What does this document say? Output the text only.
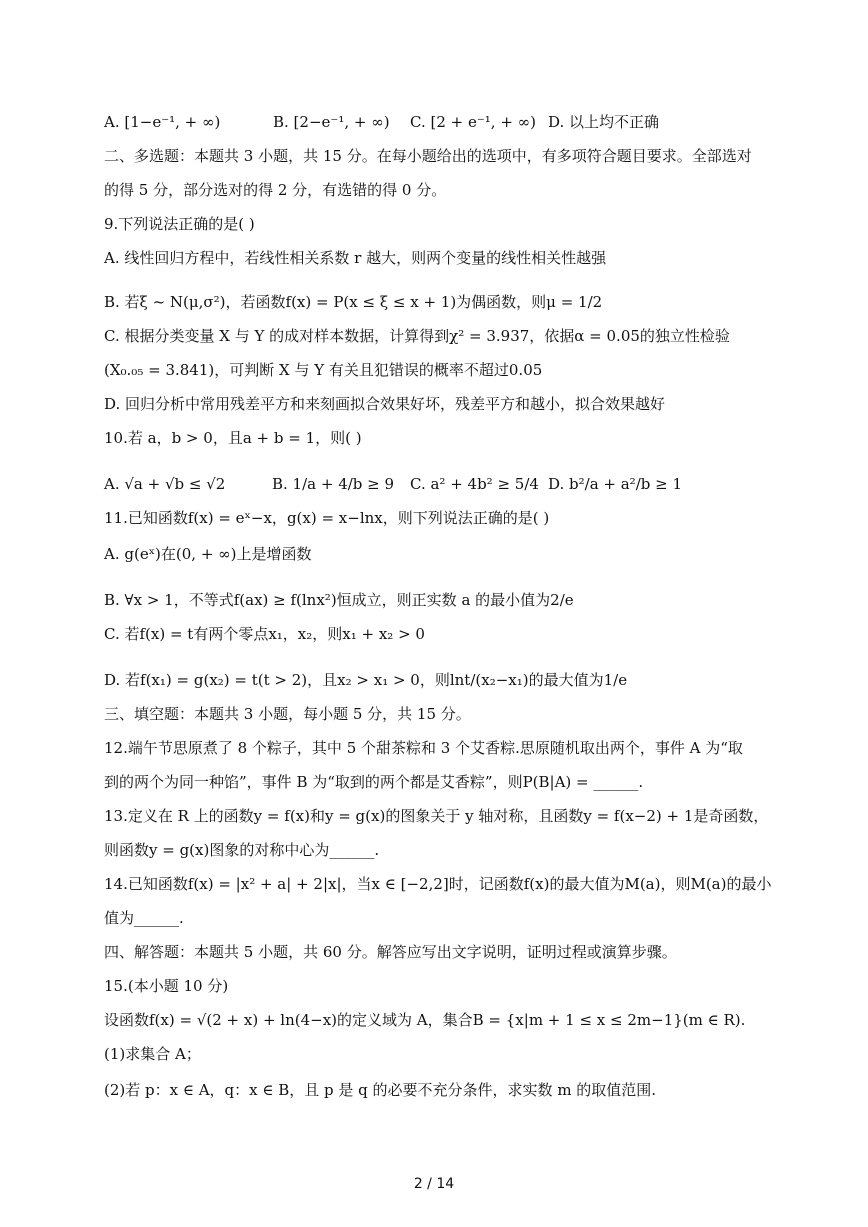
A. [1−e⁻¹, + ∞)	B. [2−e⁻¹, + ∞) C. [2 + e⁻¹, + ∞) D. 以上均不正确
二、多选题：本题共 3 小题，共 15 分。在每小题给出的选项中，有多项符合题目要求。全部选对
的得 5 分，部分选对的得 2 分，有选错的得 0 分。
9.下列说法正确的是( )
A. 线性回归方程中，若线性相关系数 r 越大，则两个变量的线性相关性越强
B. 若ξ ~ N(μ,σ²)，若函数f(x) = P(x ≤ ξ ≤ x + 1)为偶函数，则μ = 1/2
C. 根据分类变量 X 与 Y 的成对样本数据，计算得到χ² = 3.937，依据α = 0.05的独立性检验
(X₀.₀₅ = 3.841)，可判断 X 与 Y 有关且犯错误的概率不超过0.05
D. 回归分析中常用残差平方和来刻画拟合效果好坏，残差平方和越小，拟合效果越好
10.若 a，b > 0，且a + b = 1，则( )
A. √a + √b ≤ √2	B. 1/a + 4/b ≥ 9 C. a² + 4b² ≥ 5/4 D. b²/a + a²/b ≥ 1
11.已知函数f(x) = eˣ−x，g(x) = x−lnx，则下列说法正确的是( )
A. g(eˣ)在(0, + ∞)上是增函数
B. ∀x > 1，不等式f(ax) ≥ f(lnx²)恒成立，则正实数 a 的最小值为2/e
C. 若f(x) = t有两个零点x₁，x₂，则x₁ + x₂ > 0
D. 若f(x₁) = g(x₂) = t(t > 2)，且x₂ > x₁ > 0，则lnt/(x₂−x₁)的最大值为1/e
三、填空题：本题共 3 小题，每小题 5 分，共 15 分。
12.端午节思原煮了 8 个粽子，其中 5 个甜茶粽和 3 个艾香粽.思原随机取出两个，事件 A 为“取
到的两个为同一种馅”，事件 B 为“取到的两个都是艾香粽”，则P(B|A) = ______.
13.定义在 R 上的函数y = f(x)和y = g(x)的图象关于 y 轴对称，且函数y = f(x−2) + 1是奇函数，
则函数y = g(x)图象的对称中心为______.
14.已知函数f(x) = |x² + a| + 2|x|，当x ∈ [−2,2]时，记函数f(x)的最大值为M(a)，则M(a)的最小
值为______.
四、解答题：本题共 5 小题，共 60 分。解答应写出文字说明，证明过程或演算步骤。
15.(本小题 10 分)
设函数f(x) = √(2 + x) + ln(4−x)的定义域为 A，集合B = {x|m + 1 ≤ x ≤ 2m−1}(m ∈ R).
(1)求集合 A；
(2)若 p：x ∈ A，q：x ∈ B，且 p 是 q 的必要不充分条件，求实数 m 的取值范围.
2 / 14
